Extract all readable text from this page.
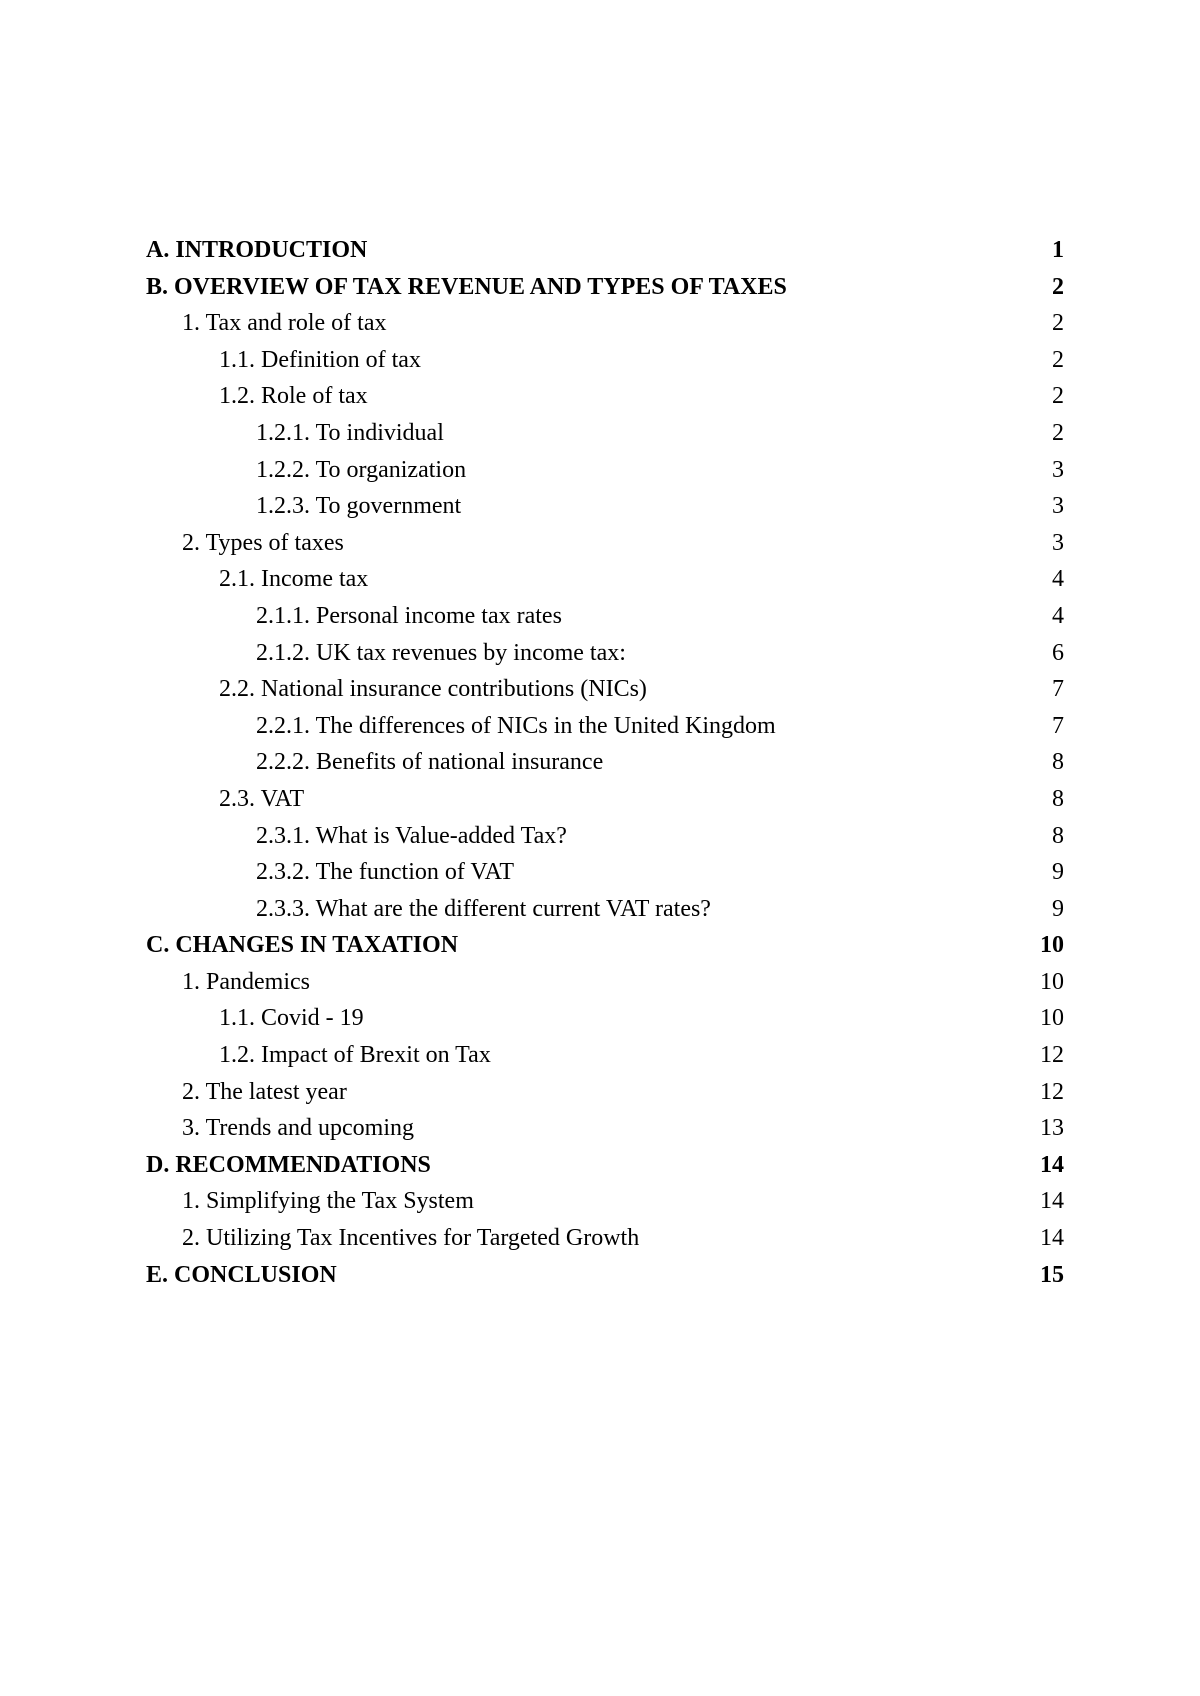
A. INTRODUCTION	1
B. OVERVIEW OF TAX REVENUE AND TYPES OF TAXES	2
1. Tax and role of tax	2
1.1. Definition of tax	2
1.2. Role of tax	2
1.2.1. To individual	2
1.2.2. To organization	3
1.2.3. To government	3
2. Types of taxes	3
2.1. Income tax	4
2.1.1. Personal income tax rates	4
2.1.2. UK tax revenues by income tax:	6
2.2. National insurance contributions (NICs)	7
2.2.1. The differences of NICs in the United Kingdom	7
2.2.2. Benefits of national insurance	8
2.3. VAT	8
2.3.1. What is Value-added Tax?	8
2.3.2. The function of VAT	9
2.3.3. What are the different current VAT rates?	9
C. CHANGES IN TAXATION	10
1. Pandemics	10
1.1. Covid - 19	10
1.2. Impact of Brexit on Tax	12
2. The latest year	12
3. Trends and upcoming	13
D. RECOMMENDATIONS	14
1. Simplifying the Tax System	14
2. Utilizing Tax Incentives for Targeted Growth	14
E. CONCLUSION	15
